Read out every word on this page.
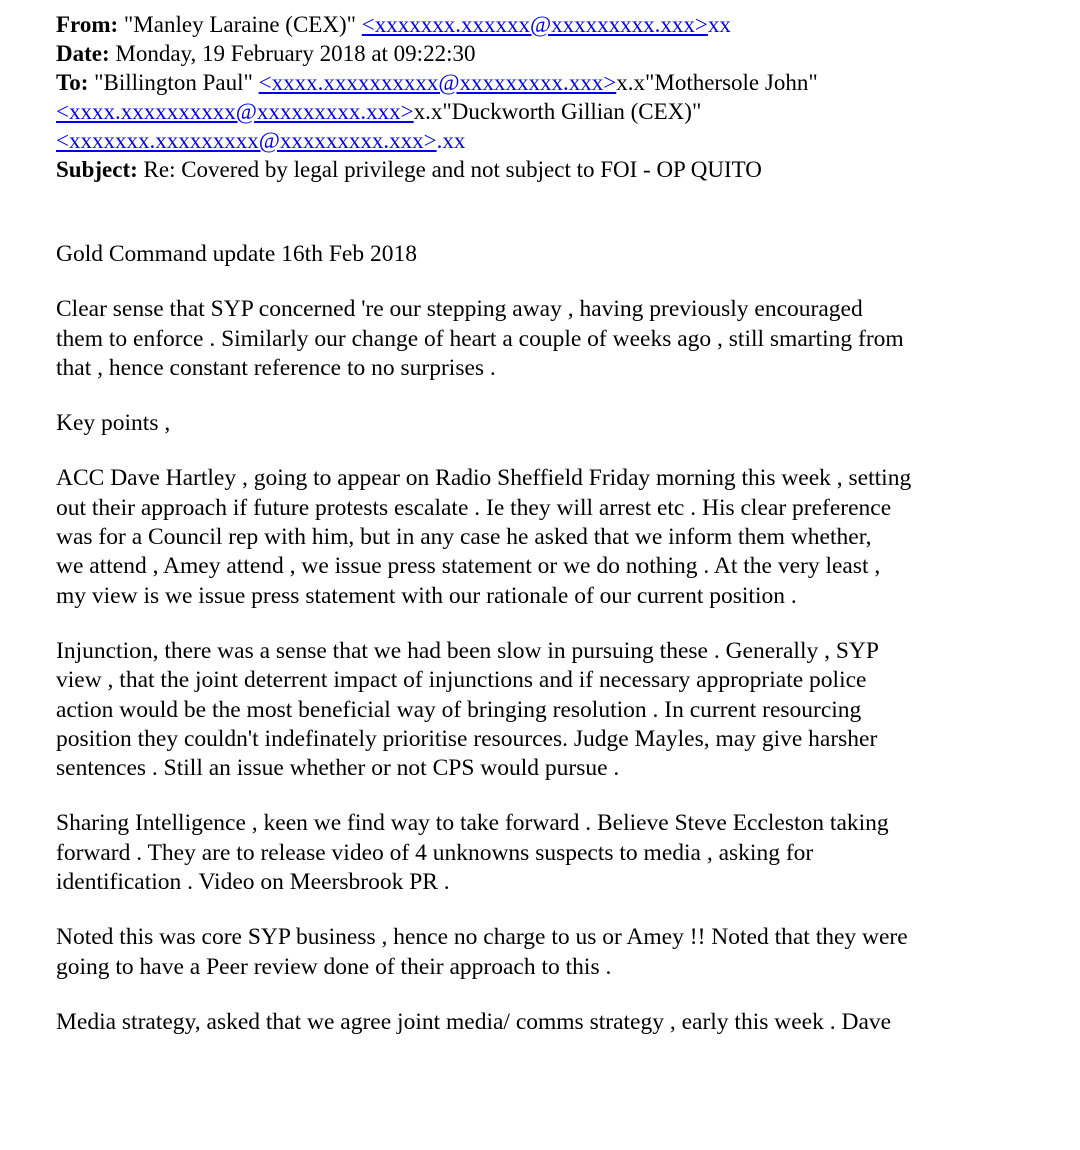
From: "Manley Laraine (CEX)" <xxxxxxx.xxxxxx@xxxxxxxxx.xxx>xx
Date: Monday, 19 February 2018 at 09:22:30
To: "Billington Paul" <xxxx.xxxxxxxxxx@xxxxxxxxx.xxx>x.x"Mothersole John"
<xxxx.xxxxxxxxxx@xxxxxxxxx.xxx>x.x"Duckworth Gillian (CEX)"
<xxxxxxx.xxxxxxxxx@xxxxxxxxx.xxx>.xx
Subject: Re: Covered by legal privilege and not subject to FOI - OP QUITO

Gold Command update 16th Feb 2018

Clear sense that SYP concerned 're our stepping away , having previously encouraged
them to enforce . Similarly our change of heart a couple of weeks ago , still smarting from
that , hence constant reference to no surprises .

Key points ,

ACC Dave Hartley , going to appear on Radio Sheffield Friday morning this week , setting
out their approach if future protests escalate . Ie they will arrest etc . His clear preference
was for a Council rep with him, but in any case he asked that we inform them whether,
we attend , Amey attend , we issue press statement or we do nothing . At the very least ,
my view is we issue press statement with our rationale of our current position .

Injunction, there was a sense that we had been slow in pursuing these . Generally , SYP
view , that the joint deterrent impact of injunctions and if necessary appropriate police
action would be the most beneficial way of bringing resolution . In current resourcing
position they couldn't indefinately prioritise resources. Judge Mayles, may give harsher
sentences . Still an issue whether or not CPS would pursue .

Sharing Intelligence , keen we find way to take forward . Believe Steve Eccleston taking
forward . They are to release video of 4 unknowns suspects to media , asking for
identification . Video on Meersbrook PR .

Noted this was core SYP business , hence no charge to us or Amey !! Noted that they were
going to have a Peer review done of their approach to this .

Media strategy, asked that we agree joint media/ comms strategy , early this week . Dave
